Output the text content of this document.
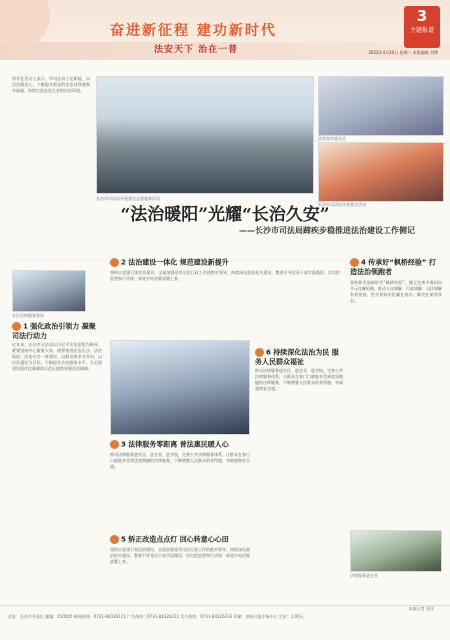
奋进新征程 建功新时代
法安天下 治在一普
3
主题报道
2022年4月20日 星期二 本版编辑 刘博
领导在活动上表示，市司法局立足职能，以法治暖民心，不断提升群众的法治获得感和幸福感，持续打造长治久安的法治环境。
长沙市司法局开展普法志愿服务活动
法治宣传进社区
长沙市司法局开展普法活动
“法治暖阳”光耀“长治久安”
——长沙市司法局蹄疾步稳推进法治建设工作侧记
社区法律服务现场
1 强化政治引领力 凝聚司法行动力
近年来，长沙市司法局以习近平法治思想为指导，紧紧围绕中心服务大局，统筹推进法治长沙、法治政府、法治社会一体建设，以群众需求为导向，以法治惠民为目标，不断提升法治服务水平，为全面建设现代化新湖南示范区提供坚强法治保障。
2 法治建设一体化 规范建设新提升
坚持以党建引领法治建设，全面加强党对司法行政工作的绝对领导，持续深化政治机关建设，教育引导党员干部学思践悟，切实把思想和行动统一到党中央决策部署上来。
6 持续深化法治为民 服务人民群众福祉
推动法律服务进社区、进企业、进学校，完善公共法律服务体系，让群众在家门口就能享受到优质便捷的法律服务，不断增强人民群众的获得感、幸福感和安全感。
3 法律服务零距离 普法惠民暖人心
推动法律服务进社区、进企业、进学校，完善公共法律服务体系，让群众在家门口就能享受到优质便捷的法律服务，不断增强人民群众的获得感、幸福感和安全感。
5 矫正改造点点灯 回心转意心心田
坚持以党建引领法治建设，全面加强党对司法行政工作的绝对领导，持续深化政治机关建设，教育引导党员干部学思践悟，切实把思想和行动统一到党中央决策部署上来。
4 传承好“枫桥经验” 打造法治领跑者
坚持和发展新时代“枫桥经验”，健全完善矛盾纠纷多元化解机制，推动人民调解、行政调解、司法调解有机衔接，把矛盾纠纷化解在基层、解决在萌芽状态。
法律服务进企业
本报记者 张洋
社址：长沙市芙蓉区 邮编：410005 新闻热线：0731-84326111 广告热线：0731-84326222 发行热线：0731-84326333 印刷：湖南日报印务中心 定价：1.00元
